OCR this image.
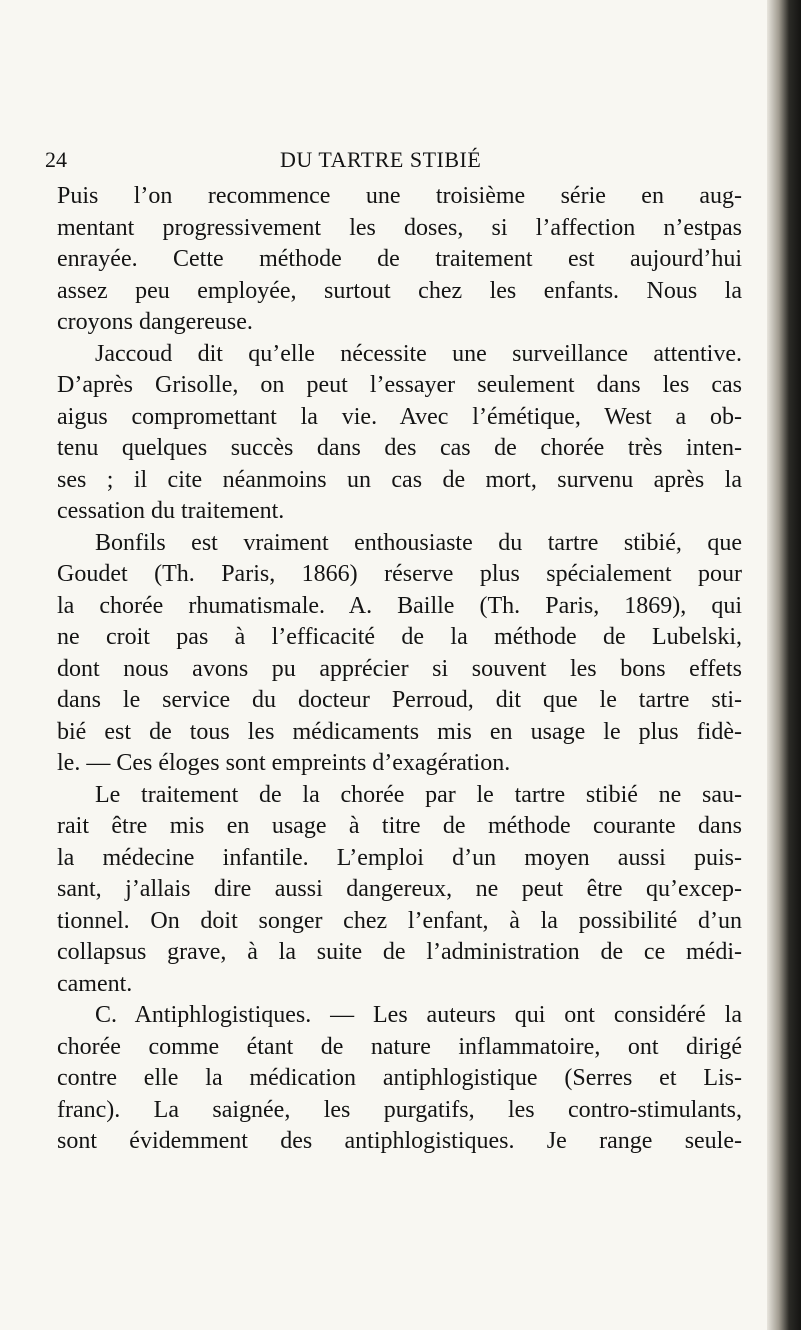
24	DU TARTRE STIBIÉ
Puis l’on recommence une troisième série en aug-
mentant progressivement les doses, si l’affection n’estpas
enrayée. Cette méthode de traitement est aujourd’hui
assez peu employée, surtout chez les enfants. Nous la
croyons dangereuse.
Jaccoud dit qu’elle nécessite une surveillance attentive.
D’après Grisolle, on peut l’essayer seulement dans les cas
aigus compromettant la vie. Avec l’émétique, West a ob-
tenu quelques succès dans des cas de chorée très inten-
ses ; il cite néanmoins un cas de mort, survenu après la
cessation du traitement.
Bonfils est vraiment enthousiaste du tartre stibié, que
Goudet (Th. Paris, 1866) réserve plus spécialement pour
la chorée rhumatismale. A. Baille (Th. Paris, 1869), qui
ne croit pas à l’efficacité de la méthode de Lubelski,
dont nous avons pu apprécier si souvent les bons effets
dans le service du docteur Perroud, dit que le tartre sti-
bié est de tous les médicaments mis en usage le plus fidè-
le. — Ces éloges sont empreints d’exagération.
Le traitement de la chorée par le tartre stibié ne sau-
rait être mis en usage à titre de méthode courante dans
la médecine infantile. L’emploi d’un moyen aussi puis-
sant, j’allais dire aussi dangereux, ne peut être qu’excep-
tionnel. On doit songer chez l’enfant, à la possibilité d’un
collapsus grave, à la suite de l’administration de ce médi-
cament.
C. Antiphlogistiques. — Les auteurs qui ont considéré la
chorée comme étant de nature inflammatoire, ont dirigé
contre elle la médication antiphlogistique (Serres et Lis-
franc). La saignée, les purgatifs, les contro-stimulants,
sont évidemment des antiphlogistiques. Je range seule-
